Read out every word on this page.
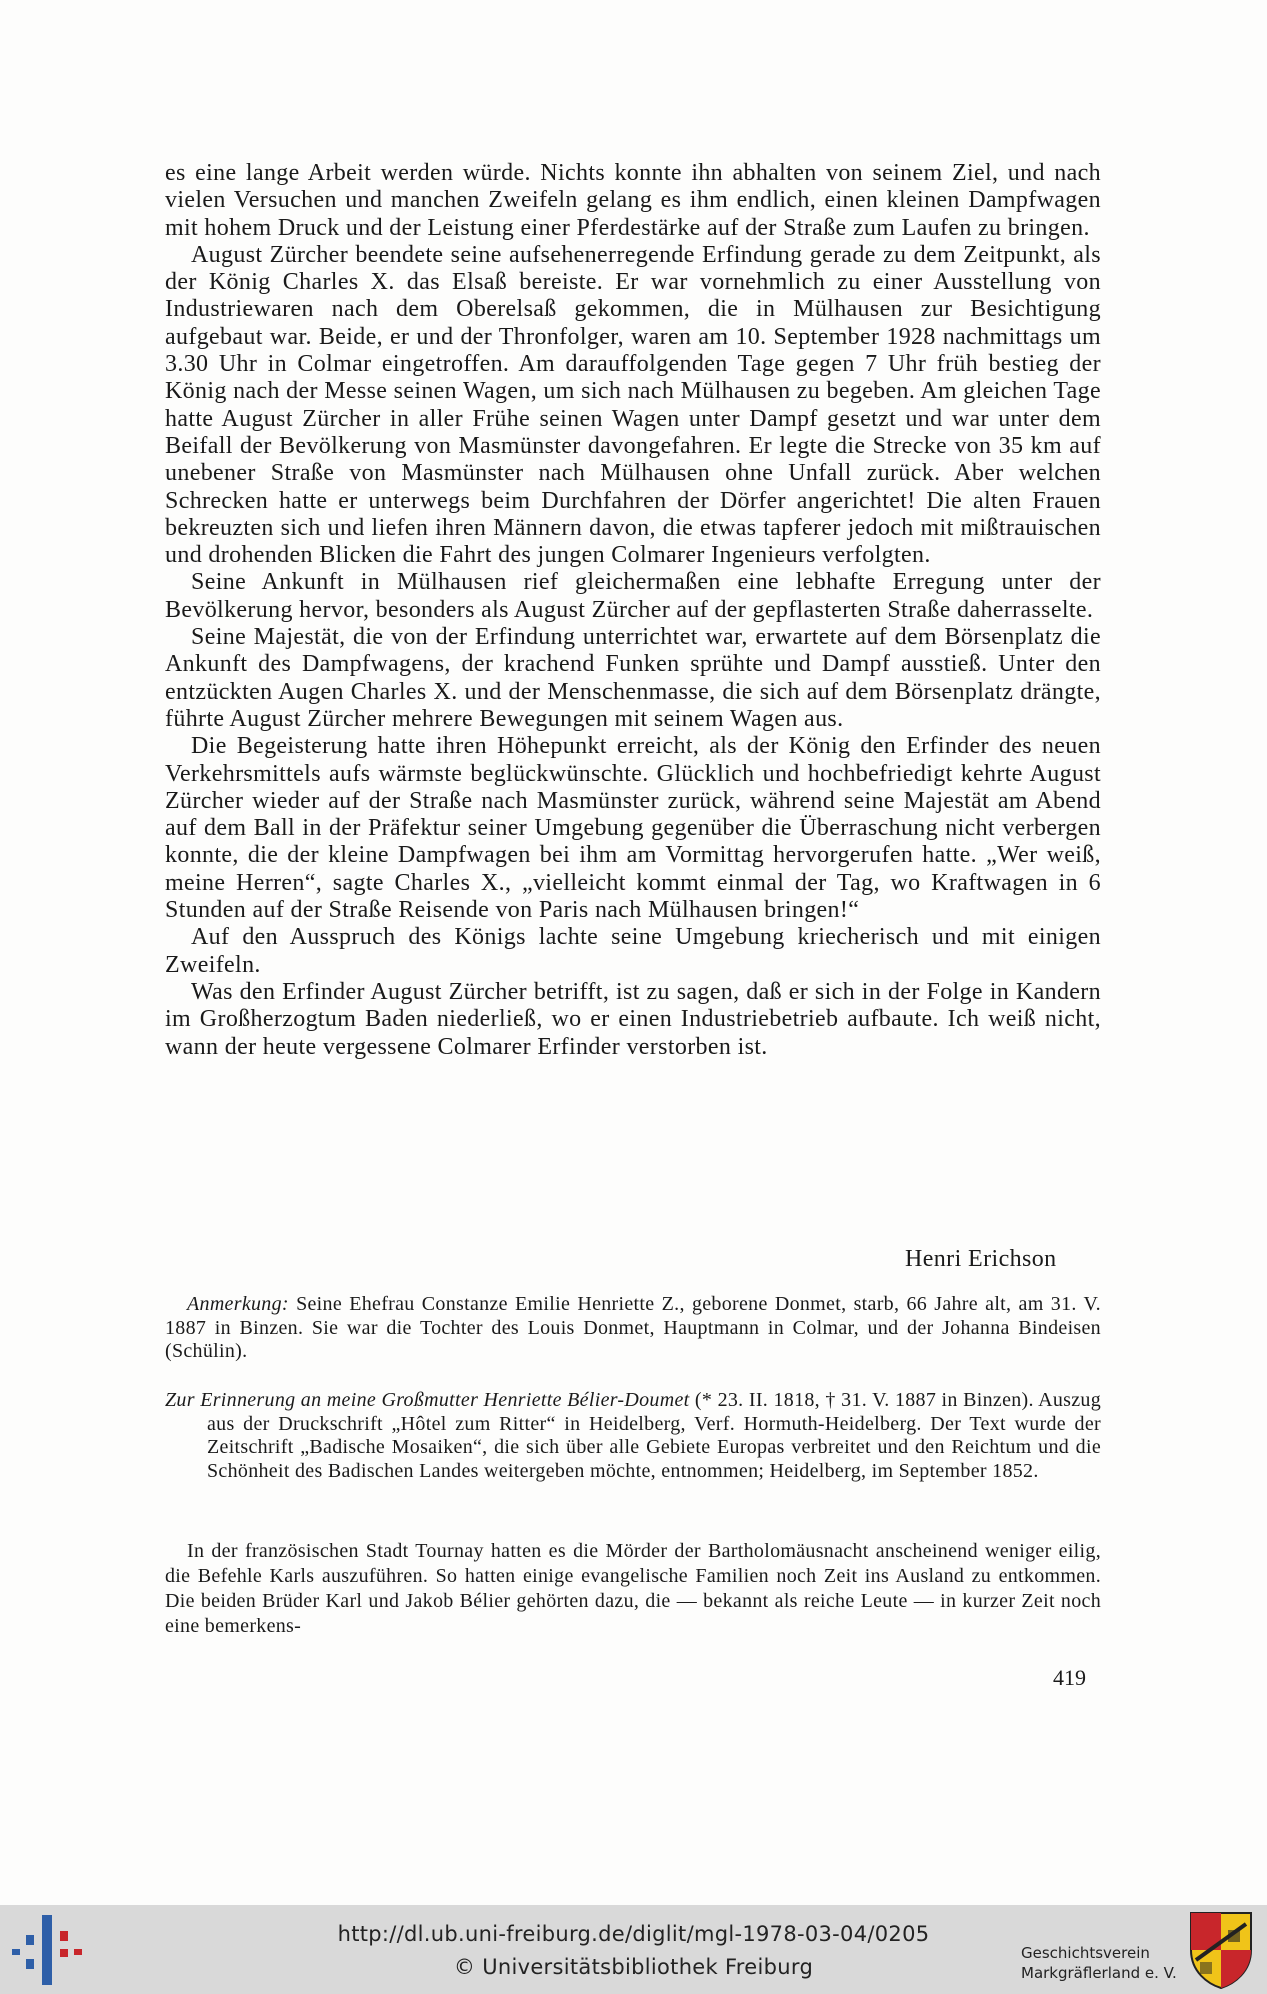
es eine lange Arbeit werden würde. Nichts konnte ihn abhalten von seinem Ziel, und nach vielen Versuchen und manchen Zweifeln gelang es ihm endlich, einen kleinen Dampfwagen mit hohem Druck und der Leistung einer Pferdestärke auf der Straße zum Laufen zu bringen.

August Zürcher beendete seine aufsehenerregende Erfindung gerade zu dem Zeitpunkt, als der König Charles X. das Elsaß bereiste. Er war vornehmlich zu einer Ausstellung von Industriewaren nach dem Oberelsaß gekommen, die in Mülhausen zur Besichtigung aufgebaut war. Beide, er und der Thronfolger, waren am 10. September 1928 nachmittags um 3.30 Uhr in Colmar eingetroffen. Am darauffolgenden Tage gegen 7 Uhr früh bestieg der König nach der Messe seinen Wagen, um sich nach Mülhausen zu begeben. Am gleichen Tage hatte August Zürcher in aller Frühe seinen Wagen unter Dampf gesetzt und war unter dem Beifall der Bevölkerung von Masmünster davongefahren. Er legte die Strecke von 35 km auf unebener Straße von Masmünster nach Mülhausen ohne Unfall zurück. Aber welchen Schrecken hatte er unterwegs beim Durchfahren der Dörfer angerichtet! Die alten Frauen bekreuzten sich und liefen ihren Männern davon, die etwas tapferer jedoch mit mißtrauischen und drohenden Blicken die Fahrt des jungen Colmarer Ingenieurs verfolgten.

Seine Ankunft in Mülhausen rief gleichermaßen eine lebhafte Erregung unter der Bevölkerung hervor, besonders als August Zürcher auf der gepflasterten Straße daherrasselte.

Seine Majestät, die von der Erfindung unterrichtet war, erwartete auf dem Börsenplatz die Ankunft des Dampfwagens, der krachend Funken sprühte und Dampf ausstieß. Unter den entzückten Augen Charles X. und der Menschenmasse, die sich auf dem Börsenplatz drängte, führte August Zürcher mehrere Bewegungen mit seinem Wagen aus.

Die Begeisterung hatte ihren Höhepunkt erreicht, als der König den Erfinder des neuen Verkehrsmittels aufs wärmste beglückwünschte. Glücklich und hochbefriedigt kehrte August Zürcher wieder auf der Straße nach Masmünster zurück, während seine Majestät am Abend auf dem Ball in der Präfektur seiner Umgebung gegenüber die Überraschung nicht verbergen konnte, die der kleine Dampfwagen bei ihm am Vormittag hervorgerufen hatte. „Wer weiß, meine Herren“, sagte Charles X., „vielleicht kommt einmal der Tag, wo Kraftwagen in 6 Stunden auf der Straße Reisende von Paris nach Mülhausen bringen!“

Auf den Ausspruch des Königs lachte seine Umgebung kriecherisch und mit einigen Zweifeln.

Was den Erfinder August Zürcher betrifft, ist zu sagen, daß er sich in der Folge in Kandern im Großherzogtum Baden niederließ, wo er einen Industriebetrieb aufbaute. Ich weiß nicht, wann der heute vergessene Colmarer Erfinder verstorben ist.

Henri Erichson

Anmerkung: Seine Ehefrau Constanze Emilie Henriette Z., geborene Donmet, starb, 66 Jahre alt, am 31. V. 1887 in Binzen. Sie war die Tochter des Louis Donmet, Hauptmann in Colmar, und der Johanna Bindeisen (Schülin).

Zur Erinnerung an meine Großmutter Henriette Bélier-Doumet (* 23. II. 1818, † 31. V. 1887 in Binzen). Auszug aus der Druckschrift „Hôtel zum Ritter“ in Heidelberg, Verf. Hormuth-Heidelberg. Der Text wurde der Zeitschrift „Badische Mosaiken“, die sich über alle Gebiete Europas verbreitet und den Reichtum und die Schönheit des Badischen Landes weitergeben möchte, entnommen; Heidelberg, im September 1852.

In der französischen Stadt Tournay hatten es die Mörder der Bartholomäusnacht anscheinend weniger eilig, die Befehle Karls auszuführen. So hatten einige evangelische Familien noch Zeit ins Ausland zu entkommen. Die beiden Brüder Karl und Jakob Bélier gehörten dazu, die — bekannt als reiche Leute — in kurzer Zeit noch eine bemerkens-

419
http://dl.ub.uni-freiburg.de/diglit/mgl-1978-03-04/0205
© Universitätsbibliothek Freiburg
Geschichtsverein
Markgräflerland e. V.
